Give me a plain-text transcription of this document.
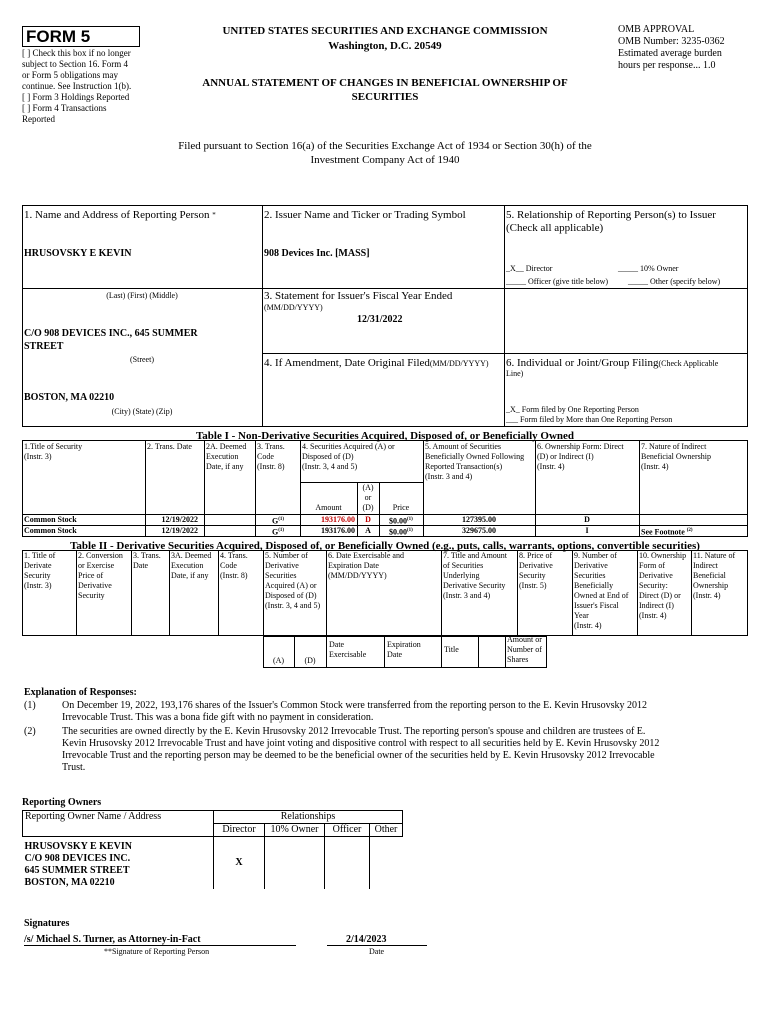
FORM 5
[ ] Check this box if no longer
subject to Section 16. Form 4
or Form 5 obligations may
continue. See Instruction 1(b).
[ ] Form 3 Holdings Reported
[ ] Form 4 Transactions
Reported
UNITED STATES SECURITIES AND EXCHANGE COMMISSION
Washington, D.C. 20549
ANNUAL STATEMENT OF CHANGES IN BENEFICIAL OWNERSHIP OF
SECURITIES
OMB APPROVAL
OMB Number: 3235-0362
Estimated average burden
hours per response... 1.0
Filed pursuant to Section 16(a) of the Securities Exchange Act of 1934 or Section 30(h) of the
Investment Company Act of 1940
1. Name and Address of Reporting Person *
HRUSOVSKY E KEVIN
(Last) (First) (Middle)
C/O 908 DEVICES INC., 645 SUMMER
STREET
(Street)
BOSTON, MA 02210
(City) (State) (Zip)
2. Issuer Name and Ticker or Trading Symbol
908 Devices Inc. [MASS]
3. Statement for Issuer's Fiscal Year Ended
(MM/DD/YYYY)
12/31/2022
4. If Amendment, Date Original Filed(MM/DD/YYYY)
5. Relationship of Reporting Person(s) to Issuer
(Check all applicable)
_X__ Director	_____ 10% Owner
_____ Officer (give title below) _____ Other (specify below)
6. Individual or Joint/Group Filing(Check Applicable
Line)
_X_ Form filed by One Reporting Person
___ Form filed by More than One Reporting Person
Table I - Non-Derivative Securities Acquired, Disposed of, or Beneficially Owned
1.Title of Security
(Instr. 3)
2. Trans. Date	2A. Deemed
Execution
Date, if any
3. Trans.
Code
(Instr. 8)
4. Securities Acquired (A) or
Disposed of (D)
(Instr. 3, 4 and 5)
5. Amount of Securities
Beneficially Owned Following
Reported Transaction(s)
(Instr. 3 and 4)
6. Ownership Form: Direct
(D) or Indirect (I)
(Instr. 4)
7. Nature of Indirect
Beneficial Ownership
(Instr. 4)
Amount
(A)
or
(D)	Price
Common Stock	12/19/2022	$G^{(1)}$	193176.00	D	$0.00$^{(1)}$	127395.00	D
Common Stock	12/19/2022	$G^{(1)}$	193176.00	A	$0.00$^{(1)}$	329675.00	I	See Footnote $^{(2)}$
Table II - Derivative Securities Acquired, Disposed of, or Beneficially Owned (e.g., puts, calls, warrants, options, convertible securities)
1. Title of
Derivate
Security
(Instr. 3)
2. Conversion
or Exercise
Price of
Derivative
Security
3. Trans.
Date
3A. Deemed
Execution
Date, if any
4. Trans.
Code
(Instr. 8)
5. Number of
Derivative
Securities
Acquired (A) or
Disposed of (D)
(Instr. 3, 4 and 5)
6. Date Exercisable and
Expiration Date
(MM/DD/YYYY)
7. Title and Amount
of Securities
Underlying
Derivative Security
(Instr. 3 and 4)
8. Price of
Derivative
Security
(Instr. 5)
9. Number of
Derivative
Securities
Beneficially
Owned at End of
Issuer's Fiscal
Year
(Instr. 4)
10. Ownership
Form of
Derivative
Security:
Direct (D) or
Indirect (I)
(Instr. 4)
11. Nature of
Indirect
Beneficial
Ownership
(Instr. 4)
(A)	(D)
Date
Exercisable
Expiration
Date
Title
Amount or
Number of
Shares
Explanation of Responses:
(1)	On December 19, 2022, 193,176 shares of the Issuer's Common Stock were transferred from the reporting person to the E. Kevin Hrusovsky 2012
Irrevocable Trust. This was a bona fide gift with no payment in consideration.
(2)	The securities are owned directly by the E. Kevin Hrusovsky 2012 Irrevocable Trust. The reporting person's spouse and children are trustees of E.
Kevin Hrusovsky 2012 Irrevocable Trust and have joint voting and dispositive control with respect to all securities held by E. Kevin Hrusovsky 2012
Irrevocable Trust and the reporting person may be deemed to be the beneficial owner of the securities held by E. Kevin Hrusovsky 2012 Irrevocable
Trust.
Reporting Owners
Reporting Owner Name / Address	Relationships			
	Director	10% Owner	Officer	Other

HRUSOVSKY E KEVIN
C/O 908 DEVICES INC.
645 SUMMER STREET
BOSTON, MA 02210	X			
Signatures
/s/ Michael S. Turner, as Attorney-in-Fact	2/14/2023
**Signature of Reporting Person	Date
